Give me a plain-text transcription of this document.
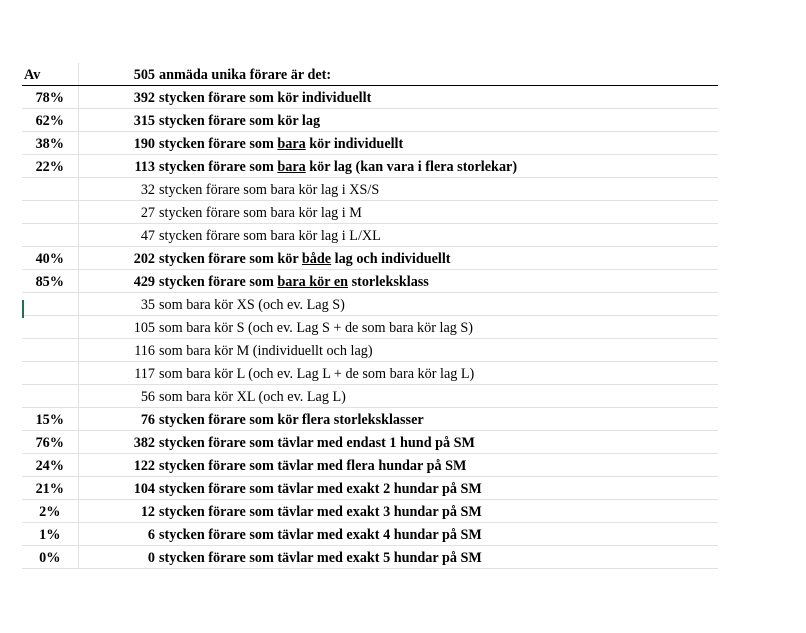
Av	505	anmäda unika förare är det:
78%	392	stycken förare som kör individuellt
62%	315	stycken förare som kör lag
38%	190	stycken förare som bara kör individuellt
22%	113	stycken förare som bara kör lag (kan vara i flera storlekar)
	32	stycken förare som bara kör lag i XS/S
	27	stycken förare som bara kör lag i M
	47	stycken förare som bara kör lag i L/XL
40%	202	stycken förare som kör både lag och individuellt
85%	429	stycken förare som bara kör en storleksklass
	35	som bara kör XS (och ev. Lag S)
	105	som bara kör S (och ev. Lag S + de som bara kör lag S)
	116	som bara kör M (individuellt och lag)
	117	som bara kör L (och ev. Lag L + de som bara kör lag L)
	56	som bara kör XL (och ev. Lag L)
15%	76	stycken förare som kör flera storleksklasser
76%	382	stycken förare som tävlar med endast 1 hund på SM
24%	122	stycken förare som tävlar med flera hundar på SM
21%	104	stycken förare som tävlar med exakt 2 hundar på SM
2%	12	stycken förare som tävlar med exakt 3 hundar på SM
1%	6	stycken förare som tävlar med exakt 4 hundar på SM
0%	0	stycken förare som tävlar med exakt 5 hundar på SM
